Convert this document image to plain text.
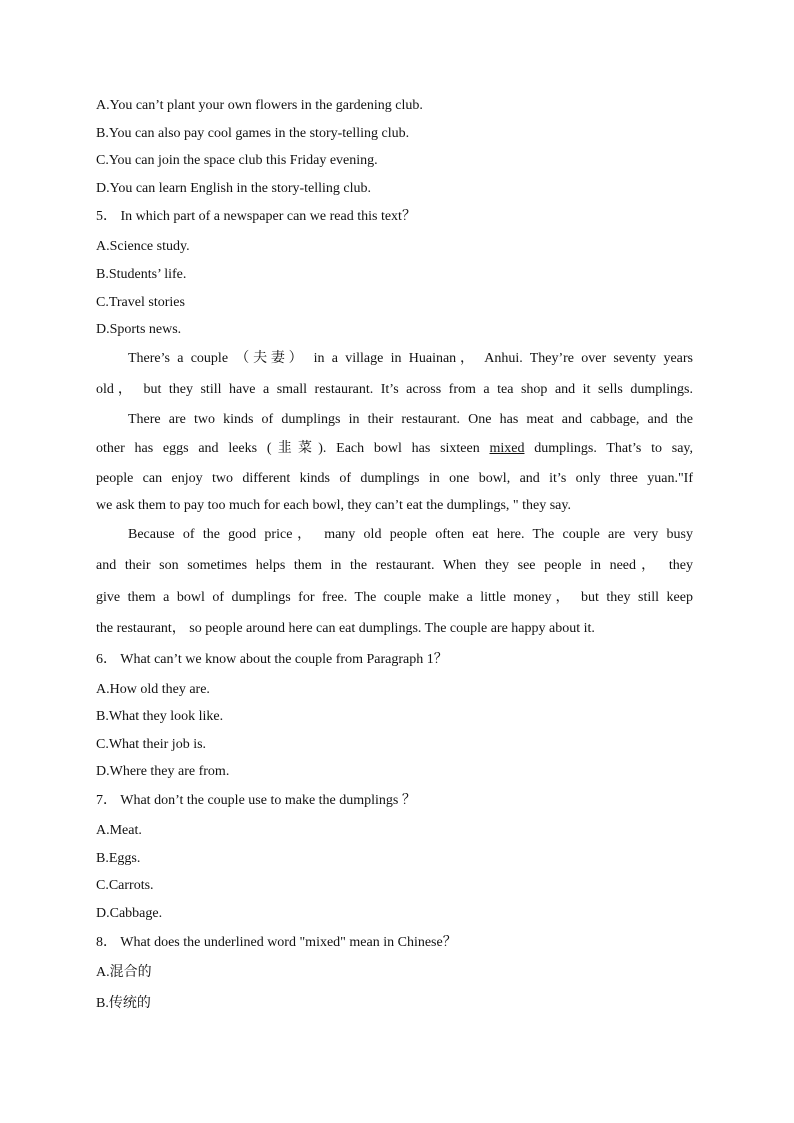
A.You can’t plant your own flowers in the gardening club.
B.You can also pay cool games in the story-telling club.
C.You can join the space club this Friday evening.
D.You can learn English in the story-telling club.
5． In which part of a newspaper can we read this text？
A.Science study.
B.Students’ life.
C.Travel stories
D.Sports news.
There’s a couple （夫妻） in a village in Huainan， Anhui. They’re over seventy years
old， but they still have a small restaurant. It’s across from a tea shop and it sells dumplings.
There are two kinds of dumplings in their restaurant. One has meat and cabbage, and the
other has eggs and leeks (韭菜). Each bowl has sixteen mixed dumplings. That’s to say,
people can enjoy two different kinds of dumplings in one bowl, and it’s only three yuan."If
we ask them to pay too much for each bowl, they can’t eat the dumplings, " they say.
Because of the good price， many old people often eat here. The couple are very busy
and their son sometimes helps them in the restaurant. When they see people in need， they
give them a bowl of dumplings for free. The couple make a little money， but they still keep
the restaurant， so people around here can eat dumplings. The couple are happy about it.
6． What can’t we know about the couple from Paragraph 1？
A.How old they are.
B.What they look like.
C.What their job is.
D.Where they are from.
7． What don’t the couple use to make the dumplings ？
A.Meat.
B.Eggs.
C.Carrots.
D.Cabbage.
8． What does the underlined word "mixed" mean in Chinese？
A.混合的
B.传统的
